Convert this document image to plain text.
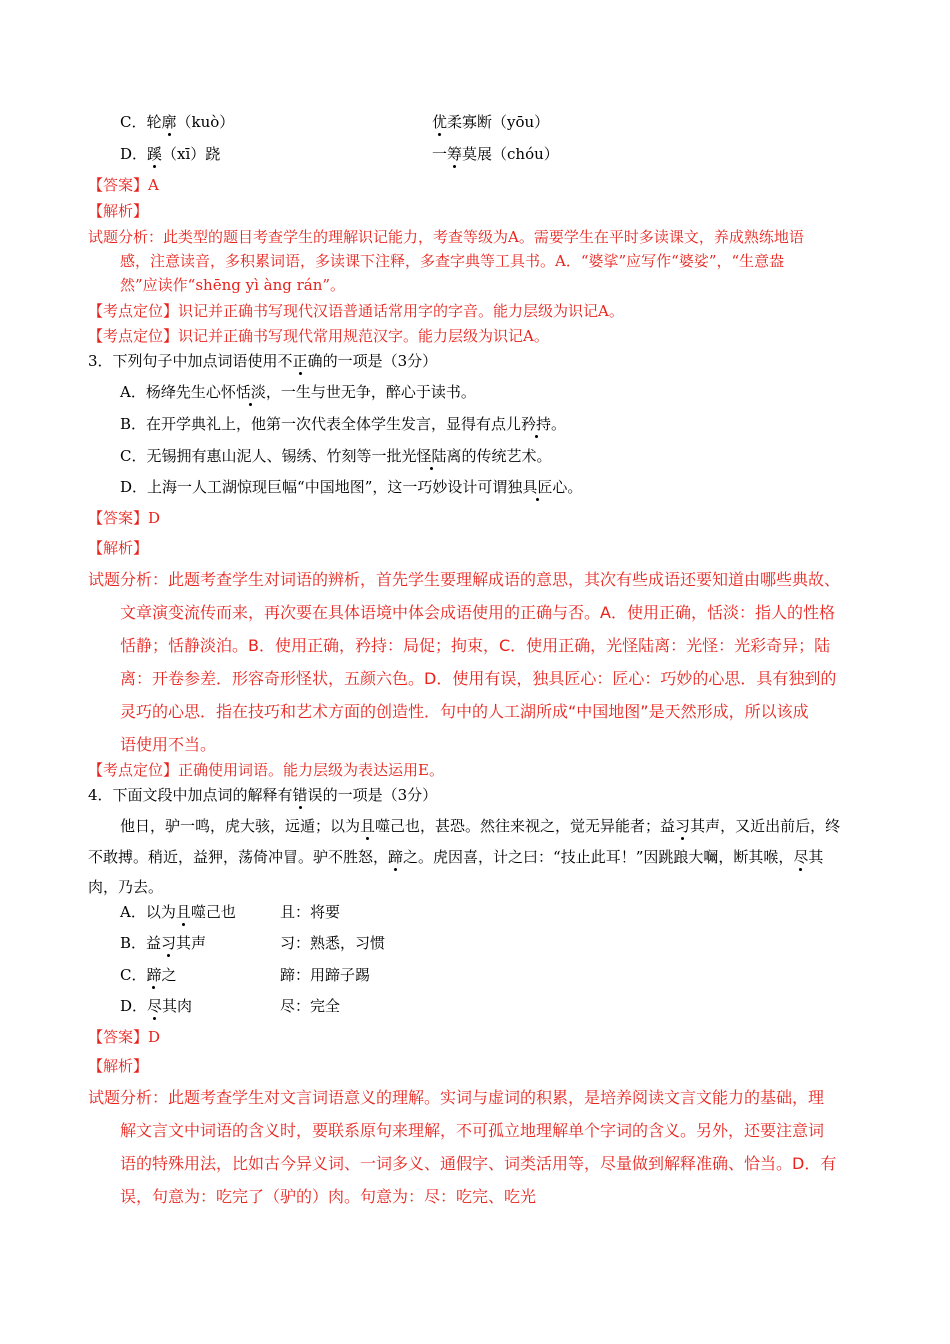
C．轮廓（kuò）	优柔寡断（yōu）
D．蹊（xī）跷	一筹莫展（chóu）
【答案】A
【解析】
试题分析：此类型的题目考查学生的理解识记能力，考查等级为A。需要学生在平时多读课文，养成熟练地语
感，注意读音，多积累词语，多读课下注释，多查字典等工具书。A．“婆挲”应写作“婆娑”，“生意盎
然”应读作“shēng yì àng rán”。
【考点定位】识记并正确书写现代汉语普通话常用字的字音。能力层级为识记A。
【考点定位】识记并正确书写现代常用规范汉字。能力层级为识记A。
3．下列句子中加点词语使用不正确的一项是（3分）
A．杨绛先生心怀恬淡，一生与世无争，醉心于读书。
B．在开学典礼上，他第一次代表全体学生发言，显得有点儿矜持。
C．无锡拥有惠山泥人、锡绣、竹刻等一批光怪陆离的传统艺术。
D．上海一人工湖惊现巨幅“中国地图”，这一巧妙设计可谓独具匠心。
【答案】D
【解析】
试题分析：此题考查学生对词语的辨析，首先学生要理解成语的意思，其次有些成语还要知道由哪些典故、
文章演变流传而来，再次要在具体语境中体会成语使用的正确与否。A．使用正确，恬淡：指人的性格
恬静；恬静淡泊。B．使用正确，矜持：局促；拘束，C．使用正确，光怪陆离：光怪：光彩奇异；陆
离：开卷参差．形容奇形怪状，五颜六色。D．使用有误，独具匠心：匠心：巧妙的心思．具有独到的
灵巧的心思．指在技巧和艺术方面的创造性．句中的人工湖所成“中国地图”是天然形成，所以该成
语使用不当。
【考点定位】正确使用词语。能力层级为表达运用E。
4．下面文段中加点词的解释有错误的一项是（3分）
他日，驴一鸣，虎大骇，远遁；以为且噬己也，甚恐。然往来视之，觉无异能者；益习其声，又近出前后，终
不敢搏。稍近，益狎，荡倚冲冒。驴不胜怒，蹄之。虎因喜，计之曰：“技止此耳！”因跳踉大㘎，断其喉，尽其
肉，乃去。
A．以为且噬己也	且：将要
B．益习其声	习：熟悉，习惯
C．蹄之	蹄：用蹄子踢
D．尽其肉	尽：完全
【答案】D
【解析】
试题分析：此题考查学生对文言词语意义的理解。实词与虚词的积累，是培养阅读文言文能力的基础，理
解文言文中词语的含义时，要联系原句来理解，不可孤立地理解单个字词的含义。另外，还要注意词
语的特殊用法，比如古今异义词、一词多义、通假字、词类活用等，尽量做到解释准确、恰当。D．有
误，句意为：吃完了（驴的）肉。句意为：尽：吃完、吃光
